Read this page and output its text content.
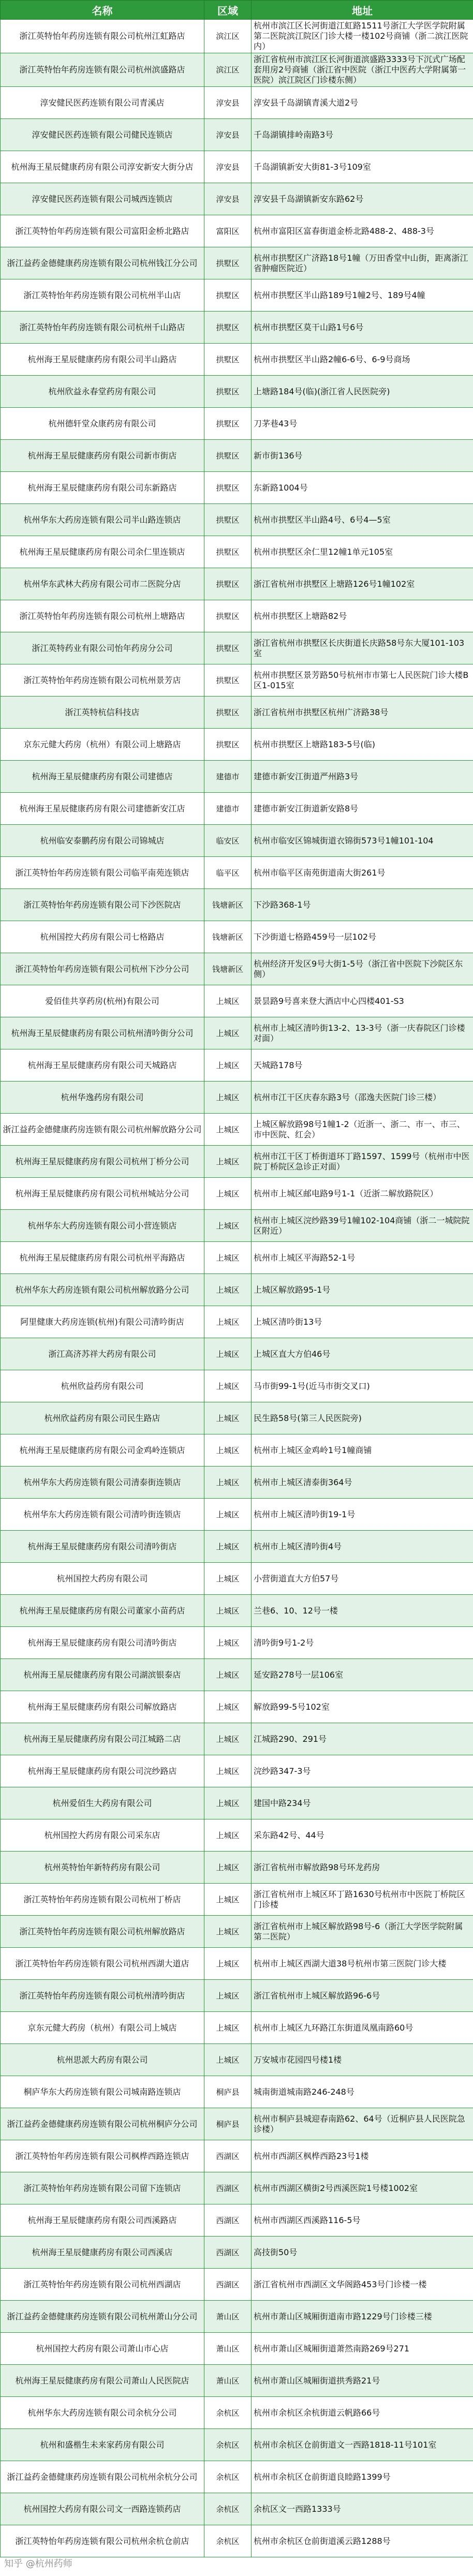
名称	区域	地址
浙江英特怡年药房连锁有限公司杭州江虹路店	滨江区	杭州市滨江区长河街道江虹路1511号浙江大学医学院附属第二医院滨江院区门诊大楼一楼102号商铺（浙二滨江医院内）
浙江英特怡年药房连锁有限公司杭州滨盛路店	滨江区	浙江省杭州市滨江区长河街道滨盛路3333号下沉式广场配套用房2号商铺（浙江省中医院（浙江中医药大学附属第一医院）滨江院区门诊楼东侧）
淳安健民医药连锁有限公司青溪店	淳安县	淳安县千岛湖镇青溪大道2号
淳安健民医药连锁有限公司健民连锁店	淳安县	千岛湖镇排岭南路3号
杭州海王星辰健康药房有限公司淳安新安大街分店	淳安县	千岛湖镇新安大街81-3号109室
淳安健民医药连锁有限公司城西连锁店	淳安县	淳安县千岛湖镇新安东路62号
浙江英特怡年药房连锁有限公司富阳金桥北路店	富阳区	杭州市富阳区富春街道金桥北路488-2、488-3号
浙江益药金德健康药房连锁有限公司杭州钱江分公司	拱墅区	杭州市拱墅区广济路18号1幢（万田香堂中山街，距离浙江省肿瘤医院近）
浙江英特怡年药房连锁有限公司杭州半山店	拱墅区	杭州市拱墅区半山路189号1幢2号、189号4幢
浙江英特怡年药房连锁有限公司杭州千山路店	拱墅区	杭州市拱墅区莫干山路1号6号
杭州海王星辰健康药房有限公司半山路店	拱墅区	杭州市拱墅区半山路2幢6-6号、6-9号商场
杭州欣益永春堂药房有限公司	拱墅区	上塘路184号(临)(浙江省人民医院旁)
杭州德轩堂众康药房有限公司	拱墅区	刀茅巷43号
杭州海王星辰健康药房有限公司新市街店	拱墅区	新市街136号
杭州海王星辰健康药房有限公司东新路店	拱墅区	东新路1004号
杭州华东大药房连锁有限公司半山路连锁店	拱墅区	杭州市拱墅区半山路4号、6号4—5室
杭州海王星辰健康药房有限公司余仁里连锁店	拱墅区	杭州市拱墅区余仁里12幢1单元105室
杭州华东武林大药房有限公司市二医院分店	拱墅区	浙江省杭州市拱墅区上塘路126号1幢102室
浙江英特怡年药房连锁有限公司杭州上塘路店	拱墅区	杭州市拱墅区上塘路82号
浙江英特药业有限公司怡年药房分公司	拱墅区	浙江省杭州市拱墅区长庆街道长庆路58号东大厦101-103室
浙江英特怡年药房连锁有限公司杭州景芳店	拱墅区	杭州市拱墅区景芳路50号杭州市市第七人民医院门诊大楼B区1-015室
浙江英特杭信科技店	拱墅区	浙江省杭州市拱墅区杭州广济路38号
京东元健大药房（杭州）有限公司上塘路店	拱墅区	杭州市拱墅区上塘路183-5号(临)
杭州海王星辰健康药房有限公司建德店	建德市	建德市新安江街道严州路3号
杭州海王星辰健康药房有限公司建德新安江店	建德市	建德市新安江街道新安路8号
杭州临安泰鹏药房有限公司锦城店	临安区	杭州市临安区锦城街道衣锦街573号1幢101-104
浙江英特怡年药房连锁有限公司临平南苑连锁店	临平区	杭州市临平区南苑街道南大街261号
浙江英特怡年药房连锁有限公司下沙医院店	钱塘新区	下沙路368-1号
杭州国控大药房有限公司七格路店	钱塘新区	下沙街道七格路459号一层102号
浙江英特怡年药房连锁有限公司杭州下沙分公司	钱塘新区	杭州经济开发区9号大街1-5号（浙江省中医院下沙院区东侧）
爱佰佳共享药房(杭州)有限公司	上城区	景昙路9号喜来登大酒店中心四楼401-S3
杭州海王星辰健康药房有限公司杭州清吟街分公司	上城区	杭州市上城区清吟街13-2、13-3号（浙一庆春院区门诊楼对面）
杭州海王星辰健康药房有限公司天城路店	上城区	天城路178号
杭州华逸药房有限公司	上城区	杭州市江干区庆春东路3号（邵逸夫医院门诊三楼）
浙江益药金德健康药房连锁有限公司杭州解放路分公司	上城区	上城区解放路98号1幢1-2（近浙一、浙二、市一、市三、市中医院、红会）
杭州海王星辰健康药房有限公司杭州丁桥分公司	上城区	杭州市江干区丁桥街道环丁路1597、1599号（杭州市中医院丁桥院区急诊正对面）
杭州海王星辰健康药房有限公司杭州城站分公司	上城区	杭州市上城区邮电路9号1-1（近浙二解放路院区）
杭州华东大药房连锁有限公司小营连锁店	上城区	杭州市上城区浣纱路39号1幢102-104商铺（浙二一城院院区附近）
杭州海王星辰健康药房有限公司杭州平海路店	上城区	杭州市上城区平海路52-1号
杭州华东大药房连锁有限公司杭州解放路分公司	上城区	上城区解放路95-1号
阿里健康大药房连锁(杭州)有限公司清吟街店	上城区	上城区清吟街13号
浙江高济苏祥大药房有限公司	上城区	上城区直大方伯46号
杭州欣益药房有限公司	上城区	马市街99-1号(近马市街交叉口)
杭州欣益药房有限公司民生路店	上城区	民生路58号(第三人民医院旁)
杭州海王星辰健康药房有限公司金鸡岭连锁店	上城区	杭州市上城区金鸡岭1号1幢商铺
杭州华东大药房连锁有限公司清泰街连锁店	上城区	杭州市上城区清泰街364号
杭州华东大药房连锁有限公司清吟街连锁店	上城区	杭州市上城区清吟街19-1号
杭州海王星辰健康药房有限公司清吟街店	上城区	杭州市上城区清吟街4号
杭州国控大药房有限公司	上城区	小营街道直大方伯57号
杭州海王星辰健康药房有限公司董家小苗药店	上城区	兰巷6、10、12号一楼
杭州海王星辰健康药房有限公司清吟街店	上城区	清吟街9号1-2号
杭州海王星辰健康药房有限公司湖滨银泰店	上城区	延安路278号一层106室
杭州海王星辰健康药房有限公司解放路店	上城区	解放路99-5号102室
杭州海王星辰健康药房有限公司江城路二店	上城区	江城路290、291号
杭州海王星辰健康药房有限公司浣纱路店	上城区	浣纱路347-3号
杭州爱佰生大药房有限公司	上城区	建国中路234号
杭州国控大药房有限公司采东店	上城区	采东路42号、44号
杭州英特怡年新特药房有限公司	上城区	浙江省杭州市解放路98号环龙药房
浙江英特怡年药房连锁有限公司杭州丁桥店	上城区	浙江省杭州市上城区环丁路1630号杭州市中医院丁桥院区门诊楼
浙江英特怡年药房连锁有限公司杭州解放路店	上城区	浙江省杭州市上城区解放路98号-6（浙江大学医学院附属第二医院）
浙江英特怡年药房连锁有限公司杭州西湖大道店	上城区	杭州市上城区西湖大道38号杭州市第三医院门诊大楼
浙江英特怡年药房连锁有限公司杭州清吟街店	上城区	浙江省杭州市上城区解放路96-6号
京东元健大药房（杭州）有限公司上城店	上城区	杭州市上城区九环路江东街道凤凰南路60号
杭州思派大药房有限公司	上城区	万安城市花园四号楼1楼
桐庐华东大药房连锁有限公司城南路连锁店	桐庐县	城南街道城南路246-248号
浙江益药金德健康药房连锁有限公司杭州桐庐分公司	桐庐县	杭州市桐庐县城迎春南路62、64号（近桐庐县人民医院急诊楼）
浙江英特怡年药房连锁有限公司枫桦西路连锁店	西湖区	杭州市西湖区枫桦西路23号1楼
浙江英特怡年药房连锁有限公司留下连锁店	西湖区	杭州市西湖区横街2号西溪医院1号楼1002室
杭州海王星辰健康药房有限公司西溪路店	西湖区	杭州市西湖区西溪路116-5号
杭州海王星辰健康药房有限公司西溪店	西湖区	高技街50号
浙江英特怡年药房连锁有限公司杭州西湖店	西湖区	浙江省杭州市西湖区文华阁路453号门诊楼一楼
浙江益药金德健康药房连锁有限公司杭州萧山分公司	萧山区	杭州市萧山区城厢街道南市路1229号门诊楼三楼
杭州国控大药房有限公司萧山市心店	萧山区	杭州市萧山区城厢街道萧然南路269号271
杭州海王星辰健康药房有限公司萧山人民医院店	萧山区	杭州市萧山区城厢街道拱秀路21号
杭州华东大药房连锁有限公司余杭分公司	余杭区	杭州市余杭区余杭街道云帆路66号
杭州和盛楷生未来家药房有限公司	余杭区	杭州市余杭区仓前街道文一西路1818-11号101室
浙江益药金德健康药房连锁有限公司杭州余杭分公司	余杭区	杭州市余杭区仓前街道良睦路1399号
杭州国控大药房有限公司文一西路连锁药店	余杭区	余杭区文一西路1333号
浙江英特怡年药房连锁有限公司杭州余杭仓前店	余杭区	杭州市余杭区仓前街道溪云路1288号
知乎 @杭州药师
